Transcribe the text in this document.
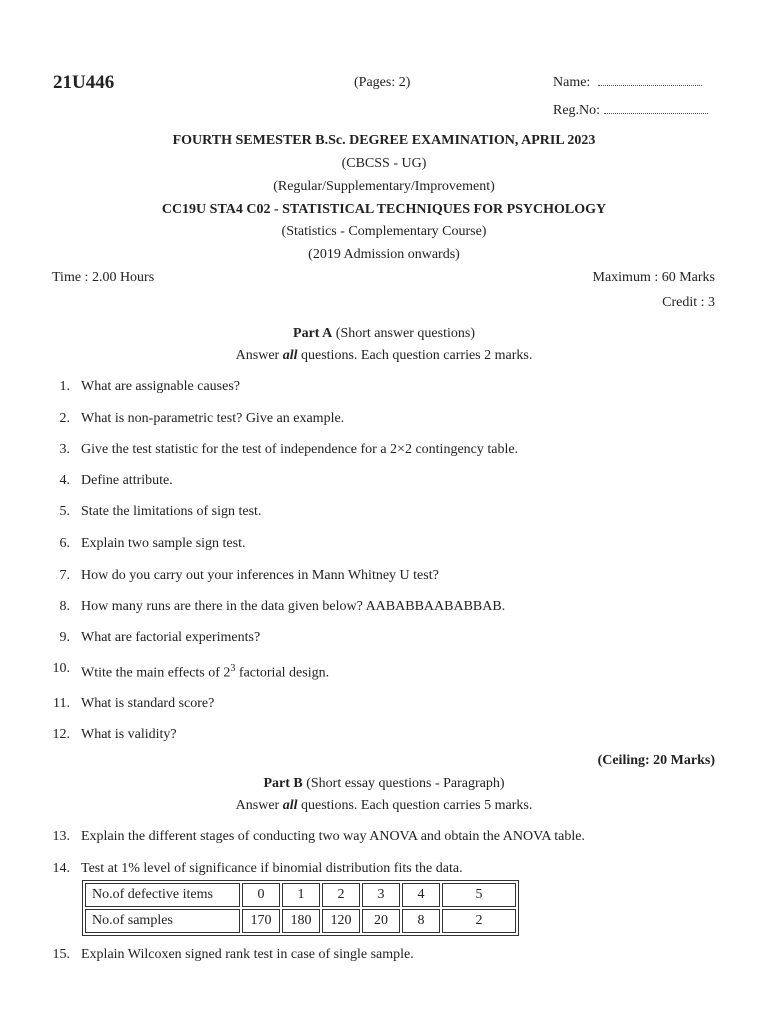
21U446	(Pages: 2)	Name:
Reg.No:
FOURTH SEMESTER B.Sc. DEGREE EXAMINATION, APRIL 2023
(CBCSS - UG)
(Regular/Supplementary/Improvement)
CC19U STA4 C02 - STATISTICAL TECHNIQUES FOR PSYCHOLOGY
(Statistics - Complementary Course)
(2019 Admission onwards)
Time : 2.00 Hours	Maximum : 60 Marks
Credit : 3
Part A (Short answer questions)
Answer all questions. Each question carries 2 marks.
1. What are assignable causes?
2. What is non-parametric test? Give an example.
3. Give the test statistic for the test of independence for a 2×2 contingency table.
4. Define attribute.
5. State the limitations of sign test.
6. Explain two sample sign test.
7. How do you carry out your inferences in Mann Whitney U test?
8. How many runs are there in the data given below? AABABBAABABBAB.
9. What are factorial experiments?
10. Wtite the main effects of $2^3$ factorial design.
11. What is standard score?
12. What is validity?
(Ceiling: 20 Marks)
Part B (Short essay questions - Paragraph)
Answer all questions. Each question carries 5 marks.
13. Explain the different stages of conducting two way ANOVA and obtain the ANOVA table.
14. Test at 1% level of significance if binomial distribution fits the data.
No.of defective items	0	1	2	3	4	5
No.of samples	170	180	120	20	8	2
15. Explain Wilcoxen signed rank test in case of single sample.
